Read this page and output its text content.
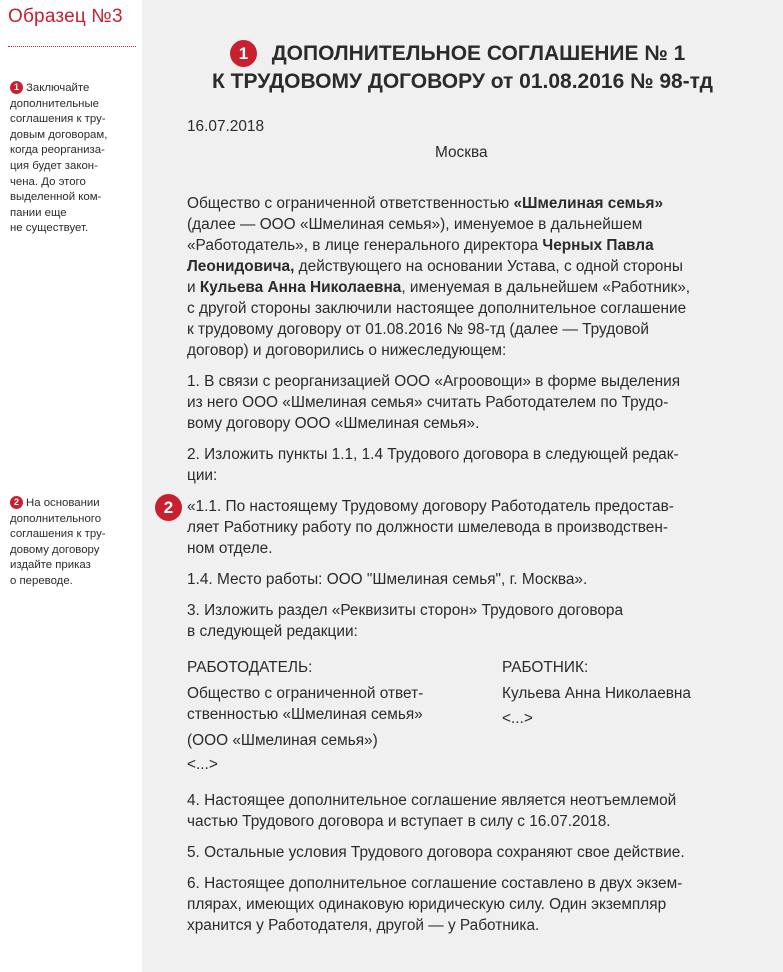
Образец №3

1 Заключайте

дополнительные

соглашения к тру-

довым договорам,

когда реорганиза-

ция будет закон-

чена. До этого

выделенной ком-

пании еще

не существует.

2 На основании

дополнительного

соглашения к тру-

довому договору

издайте приказ

о переводе.

1
2
ДОПОЛНИТЕЛЬНОЕ СОГЛАШЕНИЕ № 1
К ТРУДОВОМУ ДОГОВОРУ от 01.08.2016 № 98-тд

16.07.2018

Москва

Общество с ограниченной ответственностью «Шмелиная семья»

(далее — ООО «Шмелиная семья»), именуемое в дальнейшем

«Работодатель», в лице генерального директора Черных Павла

Леонидовича, действующего на основании Устава, с одной стороны

и Кульева Анна Николаевна, именуемая в дальнейшем «Работник»,

с другой стороны заключили настоящее дополнительное соглашение

к трудовому договору от 01.08.2016 № 98-тд (далее — Трудовой

договор) и договорились о нижеследующем:

1. В связи с реорганизацией ООО «Агроовощи» в форме выделения

из него ООО «Шмелиная семья» считать Работодателем по Трудо-

вому договору ООО «Шмелиная семья».

2. Изложить пункты 1.1, 1.4 Трудового договора в следующей редак-

ции:

«1.1. По настоящему Трудовому договору Работодатель предостав-

ляет Работнику работу по должности шмелевода в производствен-

ном отделе.

1.4. Место работы: ООО "Шмелиная семья", г. Москва».

3. Изложить раздел «Реквизиты сторон» Трудового договора

в следующей редакции:

РАБОТОДАТЕЛЬ:

Общество с ограниченной ответ-

ственностью «Шмелиная семья»

(ООО «Шмелиная семья»)

<...>

РАБОТНИК:

Кульева Анна Николаевна

<...>

4. Настоящее дополнительное соглашение является неотъемлемой

частью Трудового договора и вступает в силу с 16.07.2018.

5. Остальные условия Трудового договора сохраняют свое действие.

6. Настоящее дополнительное соглашение составлено в двух экзем-

плярах, имеющих одинаковую юридическую силу. Один экземпляр

хранится у Работодателя, другой — у Работника.
